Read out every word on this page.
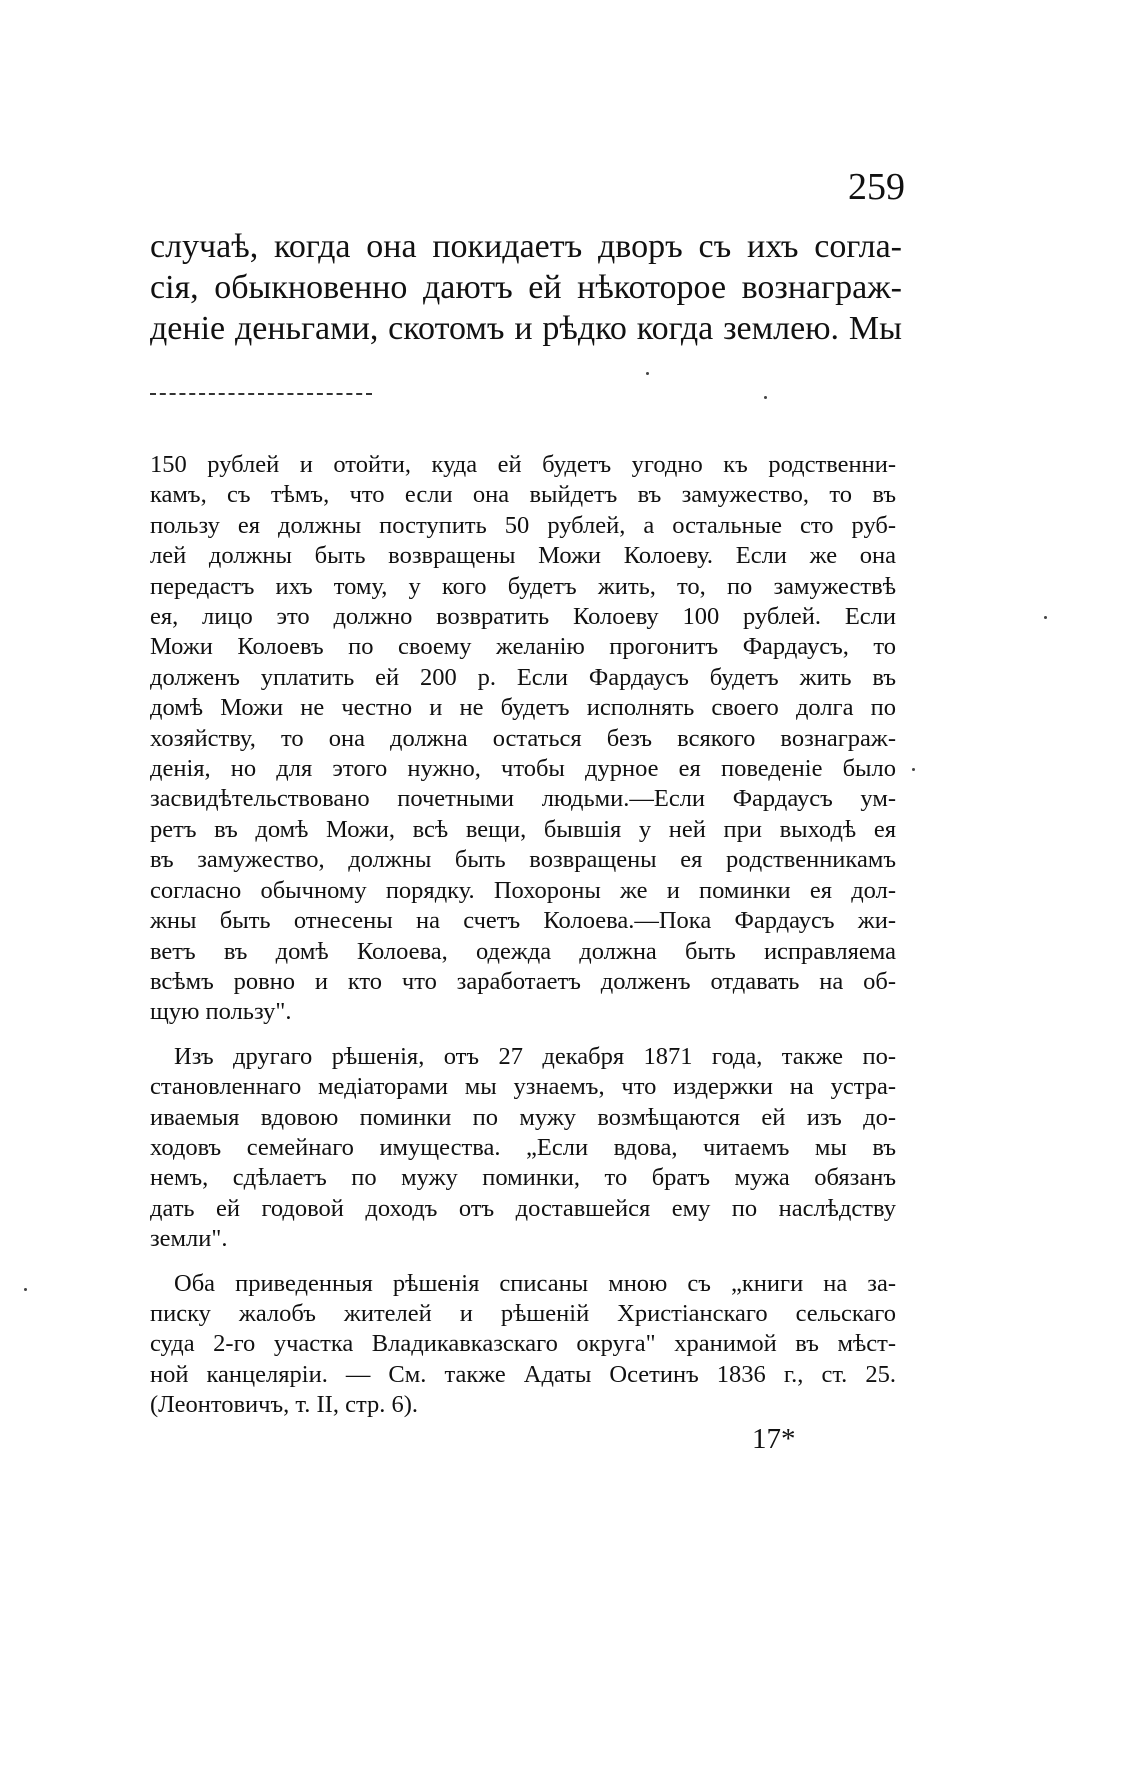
259
случаѣ, когда она покидаетъ дворъ съ ихъ согла-
сія, обыкновенно даютъ ей нѣкоторое вознаграж-
деніе деньгами, скотомъ и рѣдко когда землею. Мы
150 рублей и отойти, куда ей будетъ угодно къ родственни-
камъ, съ тѣмъ, что если она выйдетъ въ замужество, то въ
пользу ея должны поступить 50 рублей, а остальные сто руб-
лей должны быть возвращены Можи Колоеву. Если же она
передастъ ихъ тому, у кого будетъ жить, то, по замужествѣ
ея, лицо это должно возвратить Колоеву 100 рублей. Если
Можи Колоевъ по своему желанію прогонитъ Фардаусъ, то
долженъ уплатить ей 200 р. Если Фардаусъ будетъ жить въ
домѣ Можи не честно и не будетъ исполнять своего долга по
хозяйству, то она должна остаться безъ всякого вознаграж-
денія, но для этого нужно, чтобы дурное ея поведеніе было
засвидѣтельствовано почетными людьми.—Если Фардаусъ ум-
ретъ въ домѣ Можи, всѣ вещи, бывшія у ней при выходѣ ея
въ замужество, должны быть возвращены ея родственникамъ
согласно обычному порядку. Похороны же и поминки ея дол-
жны быть отнесены на счетъ Колоева.—Пока Фардаусъ жи-
ветъ въ домѣ Колоева, одежда должна быть исправляема
всѣмъ ровно и кто что заработаетъ долженъ отдавать на об-
щую пользу".
Изъ другаго рѣшенія, отъ 27 декабря 1871 года, также по-
становленнаго медіаторами мы узнаемъ, что издержки на устра-
иваемыя вдовою поминки по мужу возмѣщаются ей изъ до-
ходовъ семейнаго имущества. „Если вдова, читаемъ мы въ
немъ, сдѣлаетъ по мужу поминки, то братъ мужа обязанъ
дать ей годовой доходъ отъ доставшейся ему по наслѣдству
земли".
Оба приведенныя рѣшенія списаны мною съ „книги на за-
писку жалобъ жителей и рѣшеній Христіанскаго сельскаго
суда 2-го участка Владикавказскаго округа" хранимой въ мѣст-
ной канцеляріи. — См. также Адаты Осетинъ 1836 г., ст. 25.
(Леонтовичъ, т. II, стр. 6).
17*
